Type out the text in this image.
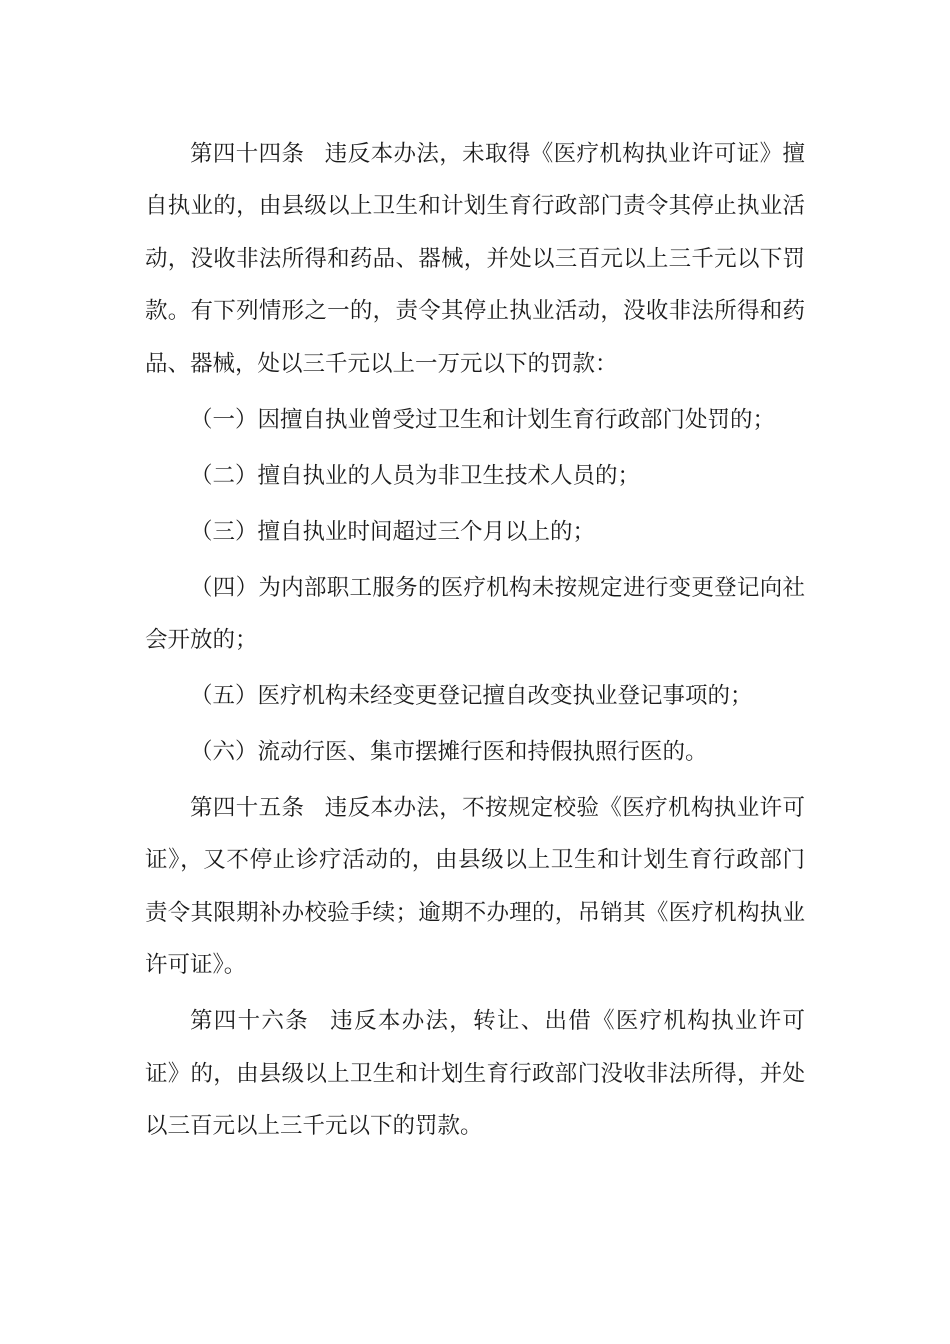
第四十四条 违反本办法，未取得《医疗机构执业许可证》擅自执业的，由县级以上卫生和计划生育行政部门责令其停止执业活动，没收非法所得和药品、器械，并处以三百元以上三千元以下罚款。有下列情形之一的，责令其停止执业活动，没收非法所得和药品、器械，处以三千元以上一万元以下的罚款：

（一）因擅自执业曾受过卫生和计划生育行政部门处罚的；

（二）擅自执业的人员为非卫生技术人员的；

（三）擅自执业时间超过三个月以上的；

（四）为内部职工服务的医疗机构未按规定进行变更登记向社会开放的；

（五）医疗机构未经变更登记擅自改变执业登记事项的；

（六）流动行医、集市摆摊行医和持假执照行医的。

第四十五条 违反本办法，不按规定校验《医疗机构执业许可证》，又不停止诊疗活动的，由县级以上卫生和计划生育行政部门责令其限期补办校验手续；逾期不办理的，吊销其《医疗机构执业许可证》。

第四十六条 违反本办法，转让、出借《医疗机构执业许可证》的，由县级以上卫生和计划生育行政部门没收非法所得，并处以三百元以上三千元以下的罚款。
